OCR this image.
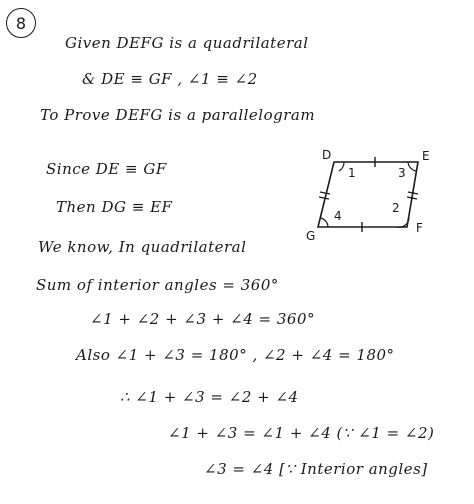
8
Given DEFG is a quadrilateral
& DE ≡ GF , ∠1 ≡ ∠2
To Prove DEFG is a parallelogram
Since DE ≡ GF
Then DG ≡ EF
We know, In quadrilateral
Sum of interior angles = 360°
∠1 + ∠2 + ∠3 + ∠4 = 360°
Also ∠1 + ∠3 = 180° , ∠2 + ∠4 = 180°
∴ ∠1 + ∠3 = ∠2 + ∠4
∠1 + ∠3 = ∠1 + ∠4 (∵ ∠1 = ∠2)
∠3 = ∠4 [∵ Interior angles]
D	E
F
G
1	3
2
4
